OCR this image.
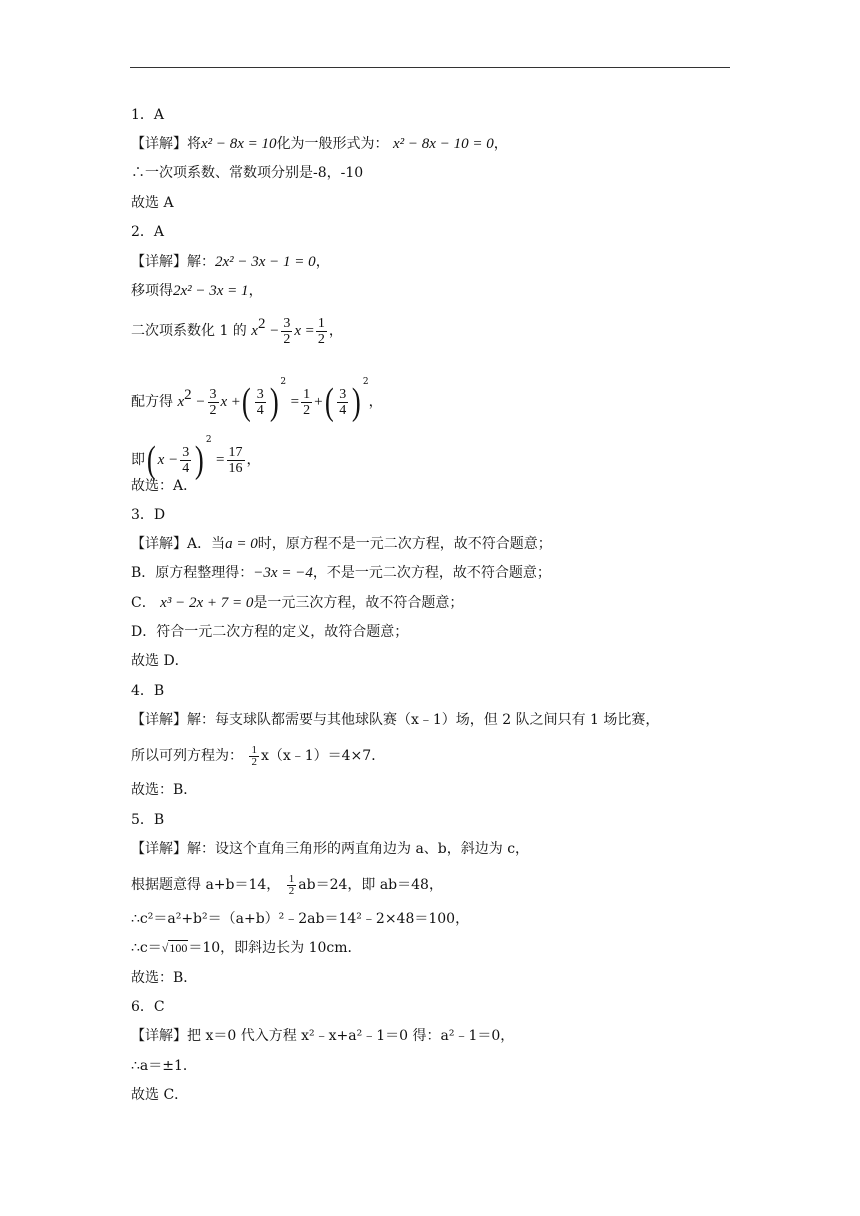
1．A
【详解】将x² − 8x = 10化为一般形式为： x² − 8x − 10 = 0，
∴一次项系数、常数项分别是-8，-10
故选 A
2．A
【详解】解：2x² − 3x − 1 = 0，
移项得2x² − 3x = 1，
二次项系数化 1 的 $x^2 - \frac{3}{2}$ $x = \frac{1}{2}$ ，
配方得 $x^2 - \frac{3}{2}$ x +( $\frac{3}{4}$ ) $^2 = \frac{1}{2}$ +( $\frac{3}{4}$ ) $^2$，
即( $x - \frac{3}{4}$ ) $^2 = \frac{17}{16}$ ，
故选：A．
3．D
【详解】A．当a = 0时，原方程不是一元二次方程，故不符合题意；
B．原方程整理得：−3x = −4，不是一元二次方程，故不符合题意；
C． x³ − 2x + 7 = 0是一元三次方程，故不符合题意；
D．符合一元二次方程的定义，故符合题意；
故选 D．
4．B
【详解】解：每支球队都需要与其他球队赛（x﹣1）场，但 2 队之间只有 1 场比赛，
所以可列方程为： $\frac{1}{2}$ x（x﹣1）＝4×7．
故选：B．
5．B
【详解】解：设这个直角三角形的两直角边为 a、b，斜边为 c，
根据题意得 a+b＝14， $\frac{1}{2} ab=24$，即 ab＝48，
∴c²＝a²+b²＝（a+b）²﹣2ab＝14²﹣2×48＝100，
∴c＝√100＝10，即斜边长为 10cm．
故选：B．
6．C
【详解】把 x＝0 代入方程 x²﹣x+a²﹣1＝0 得：a²﹣1＝0，
∴a＝±1．
故选 C．
